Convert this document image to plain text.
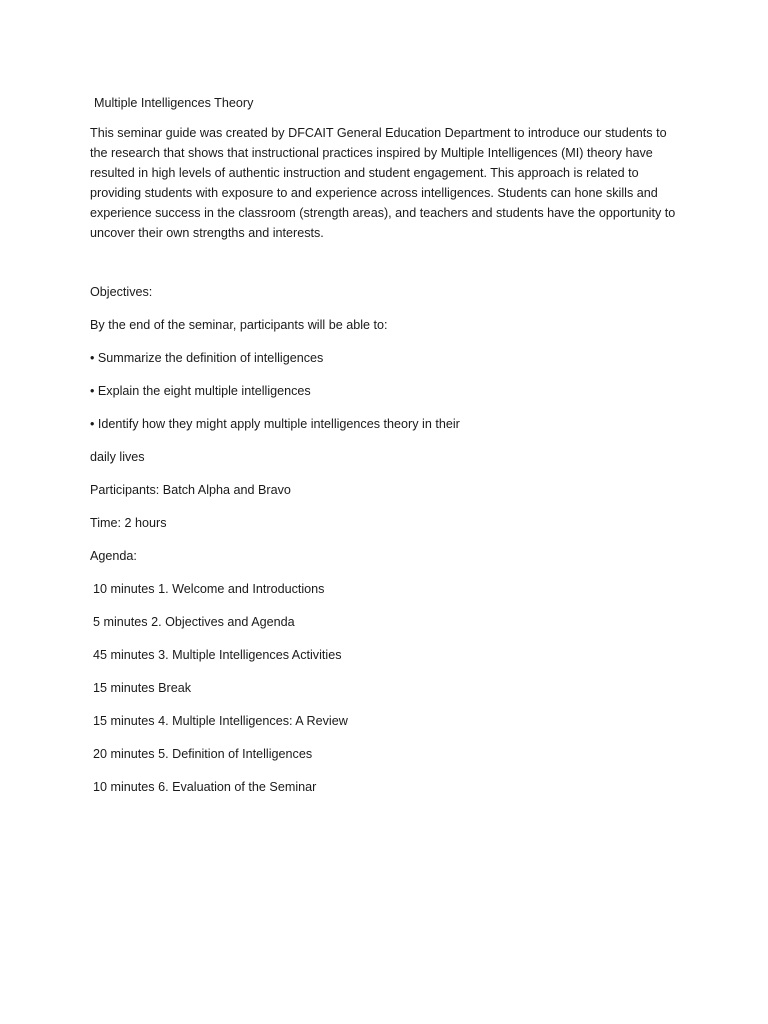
Multiple Intelligences Theory
This seminar guide was created by DFCAIT General Education Department to introduce our students to
the research that shows that instructional practices inspired by Multiple Intelligences (MI) theory have
resulted in high levels of authentic instruction and student engagement. This approach is related to
providing students with exposure to and experience across intelligences. Students can hone skills and
experience success in the classroom (strength areas), and teachers and students have the opportunity to
uncover their own strengths and interests.
Objectives:
By the end of the seminar, participants will be able to:
• Summarize the definition of intelligences
• Explain the eight multiple intelligences
• Identify how they might apply multiple intelligences theory in their
daily lives
Participants: Batch Alpha and Bravo
Time: 2 hours
Agenda:
10 minutes 1. Welcome and Introductions
5 minutes 2. Objectives and Agenda
45 minutes 3. Multiple Intelligences Activities
15 minutes Break
15 minutes 4. Multiple Intelligences: A Review
20 minutes 5. Definition of Intelligences
10 minutes 6. Evaluation of the Seminar
